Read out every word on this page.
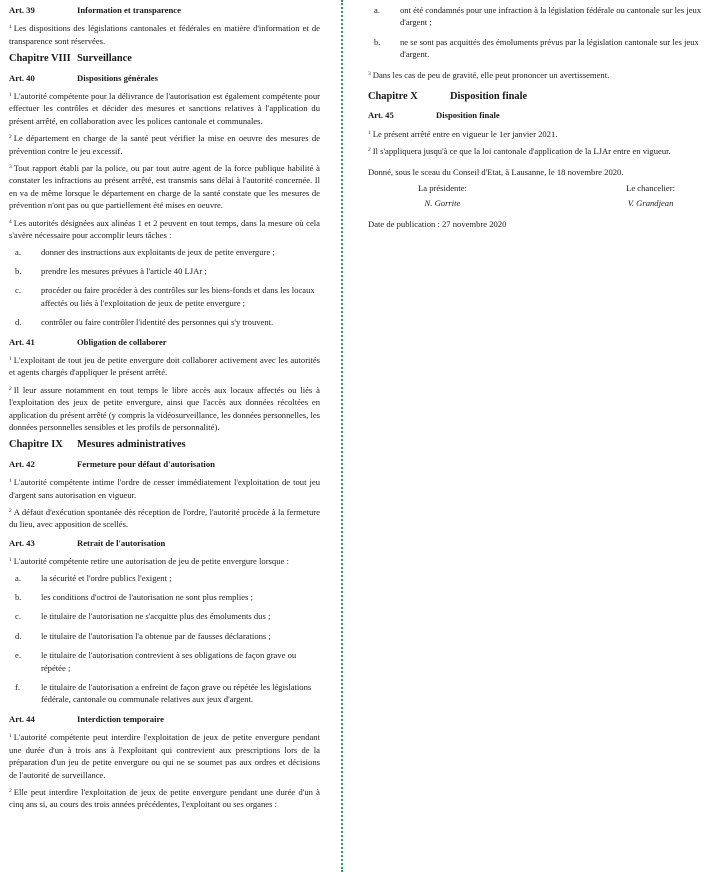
Art. 39	Information et transparence

$^1$ Les dispositions des législations cantonales et fédérales en matière d'information et de transparence sont réservées.

Chapitre VIII Surveillance
Art. 40	Dispositions générales

$^1$ L'autorité compétente pour la délivrance de l'autorisation est également compétente pour effectuer les contrôles et décider des mesures et sanctions relatives à l'application du présent arrêté, en collaboration avec les polices cantonale et communales.

$^2$ Le département en charge de la santé peut vérifier la mise en oeuvre des mesures de prévention contre le jeu excessif.

$^3$ Tout rapport établi par la police, ou par tout autre agent de la force publique habilité à constater les infractions au présent arrêté, est transmis sans délai à l'autorité concernée. Il en va de même lorsque le département en charge de la santé constate que les mesures de prévention n'ont pas ou que partiellement été mises en oeuvre.

$^4$ Les autorités désignées aux alinéas 1 et 2 peuvent en tout temps, dans la mesure où cela s'avère nécessaire pour accomplir leurs tâches :

a.	donner des instructions aux exploitants de jeux de petite envergure ;
b.	prendre les mesures prévues à l'article 40 LJAr ;
c.	procéder ou faire procéder à des contrôles sur les biens-fonds et dans les locaux affectés ou liés à l'exploitation de jeux de petite envergure ;
d.	contrôler ou faire contrôler l'identité des personnes qui s'y trouvent.
Art. 41	Obligation de collaborer

$^1$ L'exploitant de tout jeu de petite envergure doit collaborer activement avec les autorités et agents chargés d'appliquer le présent arrêté.

$^2$ Il leur assure notamment en tout temps le libre accès aux locaux affectés ou liés à l'exploitation des jeux de petite envergure, ainsi que l'accès aux données récoltées en application du présent arrêté (y compris la vidéosurveillance, les données personnelles, les données personnelles sensibles et les profils de personnalité).

Chapitre IX	Mesures administratives
Art. 42	Fermeture pour défaut d'autorisation

$^1$ L'autorité compétente intime l'ordre de cesser immédiatement l'exploitation de tout jeu d'argent sans autorisation en vigueur.

$^2$ A défaut d'exécution spontanée dès réception de l'ordre, l'autorité procède à la fermeture du lieu, avec apposition de scellés.

Art. 43	Retrait de l'autorisation

$^1$ L'autorité compétente retire une autorisation de jeu de petite envergure lorsque :

a.	la sécurité et l'ordre publics l'exigent ;
b.	les conditions d'octroi de l'autorisation ne sont plus remplies ;
c.	le titulaire de l'autorisation ne s'acquitte plus des émoluments dus ;
d.	le titulaire de l'autorisation l'a obtenue par de fausses déclarations ;
e.	le titulaire de l'autorisation contrevient à ses obligations de façon grave ou répétée ;
f.	le titulaire de l'autorisation a enfreint de façon grave ou répétée les législations fédérale, cantonale ou communale relatives aux jeux d'argent.
Art. 44	Interdiction temporaire

$^1$ L'autorité compétente peut interdire l'exploitation de jeux de petite envergure pendant une durée d'un à trois ans à l'exploitant qui contrevient aux prescriptions lors de la préparation d'un jeu de petite envergure ou qui ne se soumet pas aux ordres et décisions de l'autorité de surveillance.

$^2$ Elle peut interdire l'exploitation de jeux de petite envergure pendant une durée d'un à cinq ans si, au cours des trois années précédentes, l'exploitant ou ses organes :

a.	ont été condamnés pour une infraction à la législation fédérale ou cantonale sur les jeux d'argent ;
b.	ne se sont pas acquittés des émoluments prévus par la législation cantonale sur les jeux d'argent.

$^3$ Dans les cas de peu de gravité, elle peut prononcer un avertissement.

Chapitre X	Disposition finale
Art. 45	Disposition finale

$^1$ Le présent arrêté entre en vigueur le 1er janvier 2021.

$^2$ Il s'appliquera jusqu'à ce que la loi cantonale d'application de la LJAr entre en vigueur.

Donné, sous le sceau du Conseil d'Etat, à Lausanne, le 18 novembre 2020.

La présidente:
N. Gorrite
Le chancelier:
V. Grandjean

Date de publication : 27 novembre 2020
